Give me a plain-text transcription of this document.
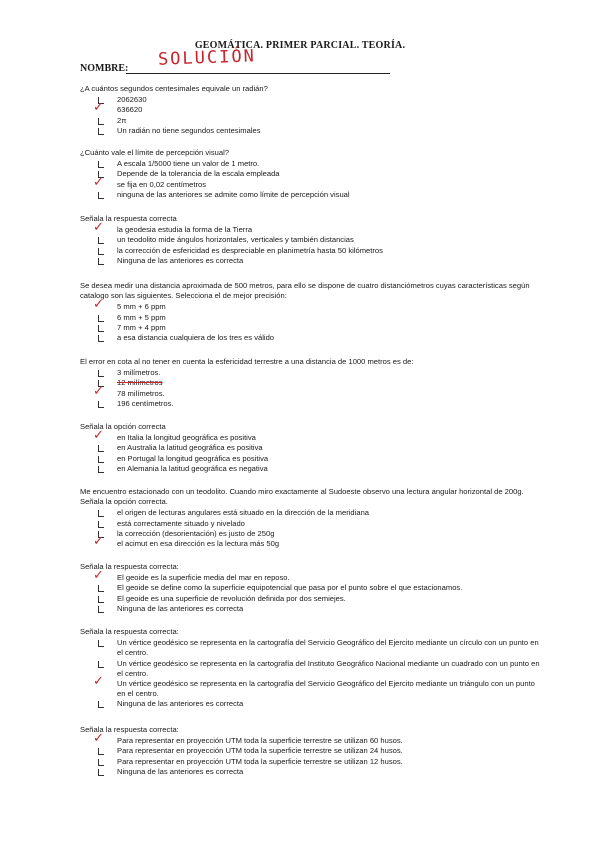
GEOMÁTICA. PRIMER PARCIAL. TEORÍA.
NOMBRE: SOLUCIÓN

¿A cuántos segundos centesimales equivale un radián?

2062630
✓ 636620
2π
Un radián no tiene segundos centesimales

¿Cuánto vale el límite de percepción visual?

A escala 1/5000 tiene un valor de 1 metro.
Depende de la tolerancia de la escala empleada
✓ se fija en 0,02 centímetros
ninguna de las anteriores se admite como límite de percepción visual

Señala la respuesta correcta

✓ la geodesia estudia la forma de la Tierra
un teodolito mide ángulos horizontales, verticales y también distancias
la corrección de esfericidad es despreciable en planimetría hasta 50 kilómetros
Ninguna de las anteriores es correcta

Se desea medir una distancia aproximada de 500 metros, para ello se dispone de cuatro distanciómetros cuyas características según catalogo son las siguientes. Selecciona el de mejor precisión:

✓ 5 mm + 6 ppm
6 mm + 5 ppm
7 mm + 4 ppm
a esa distancia cualquiera de los tres es válido

El error en cota al no tener en cuenta la esfericidad terrestre a una distancia de 1000 metros es de:

3 milímetros.
12 milímetros
✓ 78 milímetros.
196 centímetros.

Señala la opción correcta

✓ en Italia la longitud geográfica es positiva
en Australia la latitud geográfica es positiva
en Portugal la longitud geográfica es positiva
en Alemania la latitud geográfica es negativa

Me encuentro estacionado con un teodolito. Cuando miro exactamente al Sudoeste observo una lectura angular horizontal de 200g. Señala la opción correcta.

el origen de lecturas angulares está situado en la dirección de la meridiana
está correctamente situado y nivelado
la corrección (desorientación) es justo de 250g
✓ el acimut en esa dirección es la lectura más 50g

Señala la respuesta correcta:

✓ El geoide es la superficie media del mar en reposo.
El geoide se define como la superficie equipotencial que pasa por el punto sobre el que estacionamos.
El geoide es una superficie de revolución definida por dos semiejes.
Ninguna de las anteriores es correcta

Señala la respuesta correcta:

Un vértice geodésico se representa en la cartografía del Servicio Geográfico del Ejercito mediante un círculo con un punto en el centro.
Un vértice geodésico se representa en la cartografía del Instituto Geográfico Nacional mediante un cuadrado con un punto en el centro.
✓ Un vértice geodésico se representa en la cartografía del Servicio Geográfico del Ejercito mediante un triángulo con un punto en el centro.
Ninguna de las anteriores es correcta

Señala la respuesta correcta:

✓ Para representar en proyección UTM toda la superficie terrestre se utilizan 60 husos.
Para representar en proyección UTM toda la superficie terrestre se utilizan 24 husos.
Para representar en proyección UTM toda la superficie terrestre se utilizan 12 husos.
Ninguna de las anteriores es correcta
